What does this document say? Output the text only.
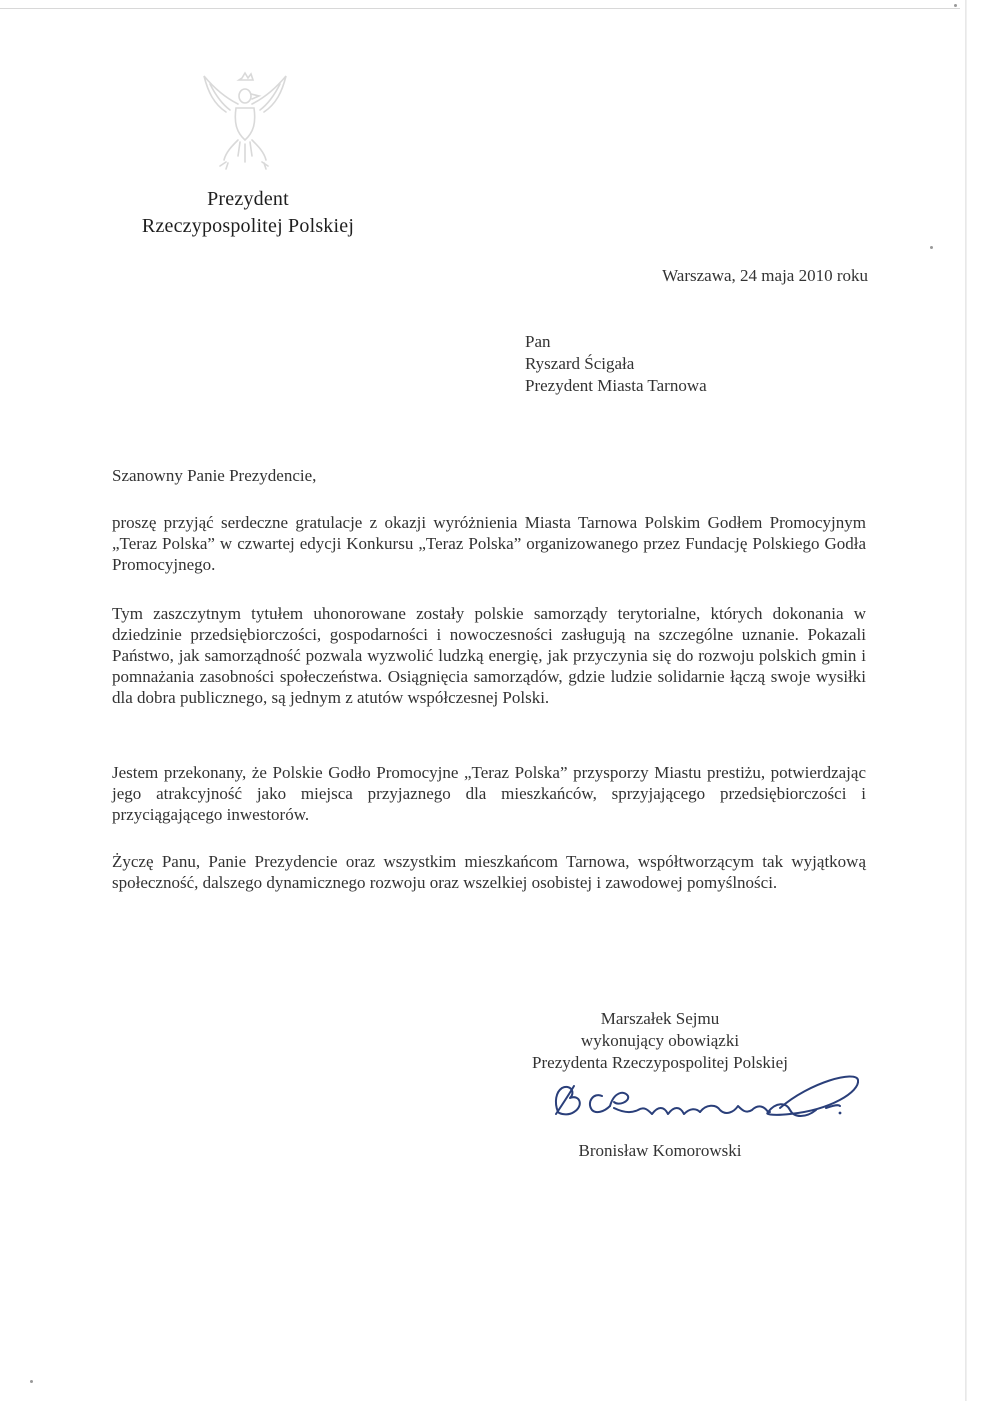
Prezydent
Rzeczypospolitej Polskiej
Warszawa, 24 maja 2010 roku
Pan
Ryszard Ścigała
Prezydent Miasta Tarnowa
Szanowny Panie Prezydencie,

proszę przyjąć serdeczne gratulacje z okazji wyróżnienia Miasta Tarnowa Polskim Godłem Promocyjnym „Teraz Polska” w czwartej edycji Konkursu „Teraz Polska” organizowanego przez Fundację Polskiego Godła Promocyjnego.

Tym zaszczytnym tytułem uhonorowane zostały polskie samorządy terytorialne, których dokonania w dziedzinie przedsiębiorczości, gospodarności i nowoczesności zasługują na szczególne uznanie. Pokazali Państwo, jak samorządność pozwala wyzwolić ludzką energię, jak przyczynia się do rozwoju polskich gmin i pomnażania zasobności społeczeństwa. Osiągnięcia samorządów, gdzie ludzie solidarnie łączą swoje wysiłki dla dobra publicznego, są jednym z atutów współczesnej Polski.

Jestem przekonany, że Polskie Godło Promocyjne „Teraz Polska” przysporzy Miastu prestiżu, potwierdzając jego atrakcyjność jako miejsca przyjaznego dla mieszkańców, sprzyjającego przedsiębiorczości i przyciągającego inwestorów.

Życzę Panu, Panie Prezydencie oraz wszystkim mieszkańcom Tarnowa, współtworzącym tak wyjątkową społeczność, dalszego dynamicznego rozwoju oraz wszelkiej osobistej i zawodowej pomyślności.

Marszałek Sejmu
wykonujący obowiązki
Prezydenta Rzeczypospolitej Polskiej
Bronisław Komorowski
